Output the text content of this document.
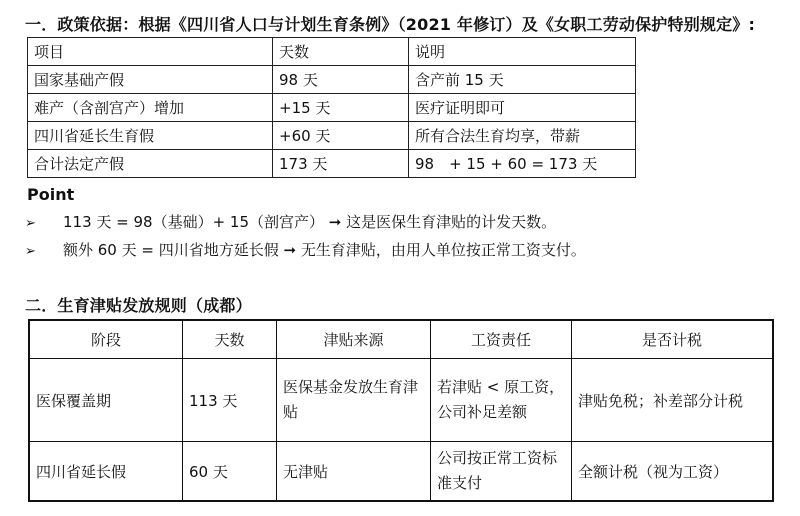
一．政策依据：根据《四川省人口与计划生育条例》（2021 年修订）及《女职工劳动保护特别规定》:
项目	天数	说明
国家基础产假	98 天	含产前 15 天
难产（含剖宫产）增加	+15 天	医疗证明即可
四川省延长生育假	+60 天	所有合法生育均享，带薪
合计法定产假	173 天	98　+ 15 + 60 = 173 天
Point
➢ 113 天 = 98（基础）+ 15（剖宫产） ➞ 这是医保生育津贴的计发天数。
➢ 额外 60 天 = 四川省地方延长假 ➞ 无生育津贴，由用人单位按正常工资支付。
二．生育津贴发放规则（成都）
阶段	天数	津贴来源	工资责任	是否计税
医保覆盖期	113 天	医保基金发放生育津贴	若津贴 < 原工资，公司补足差额	津贴免税；补差部分计税
四川省延长假	60 天	无津贴	公司按正常工资标准支付	全额计税（视为工资）
